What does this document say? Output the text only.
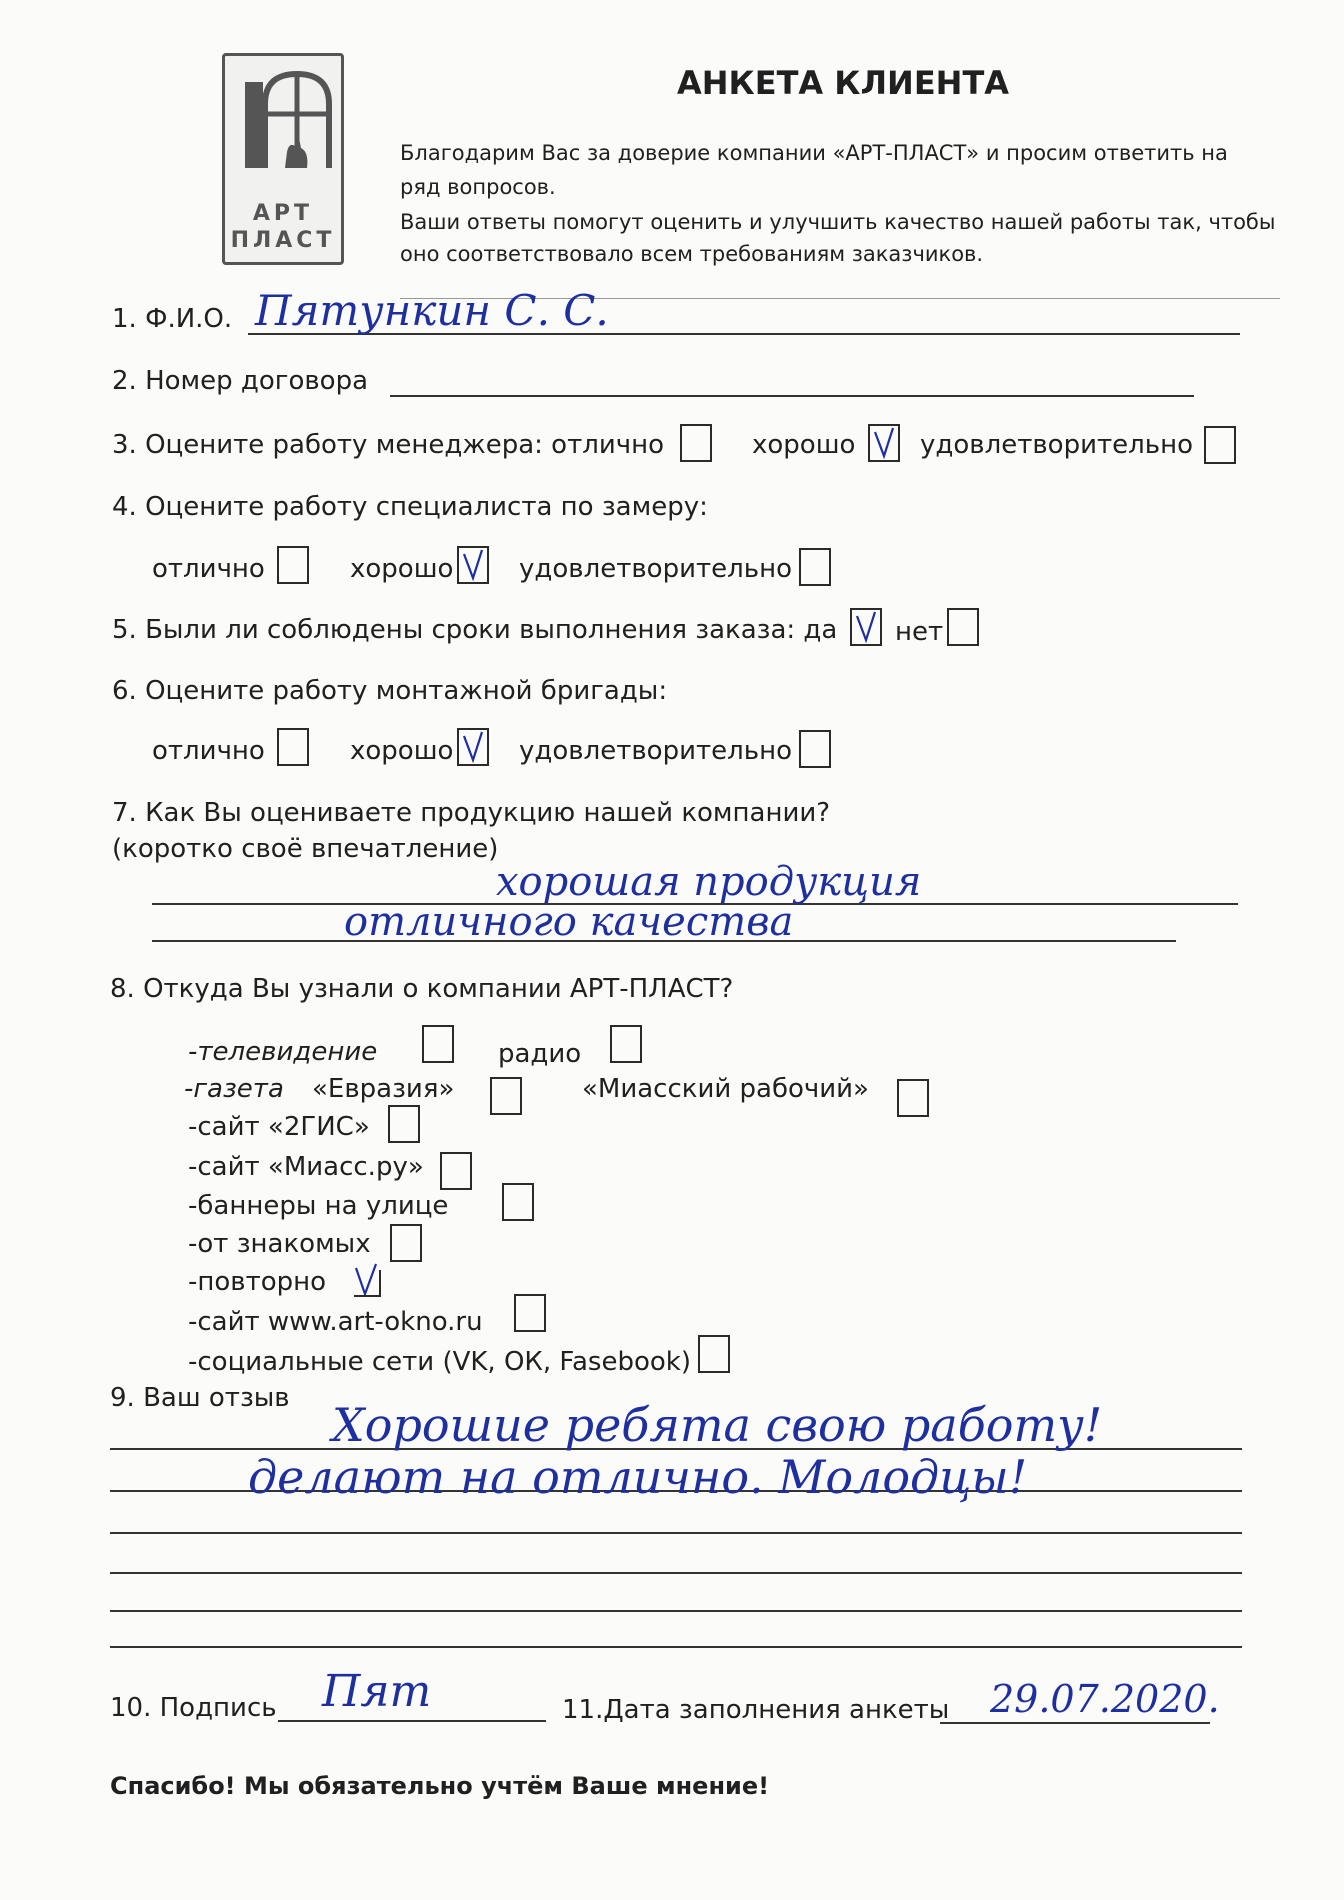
АРТ
ПЛАСТ
АНКЕТА КЛИЕНТА
Благодарим Вас за доверие компании «АРТ-ПЛАСТ» и просим ответить на
ряд вопросов.
Ваши ответы помогут оценить и улучшить качество нашей работы так, чтобы
оно соответствовало всем требованиям заказчиков.
1. Ф.И.О. Пятункин С. С.
2. Номер договора
3. Оцените работу менеджера: отлично	хорошо удовлетворительно
4. Оцените работу специалиста по замеру:
отлично	хорошо	удовлетворительно
5. Были ли соблюдены сроки выполнения заказа: да нет
6. Оцените работу монтажной бригады:
отлично	хорошо	удовлетворительно
7. Как Вы оцениваете продукцию нашей компании?
(коротко своё впечатление)
хорошая продукция
отличного качества
8. Откуда Вы узнали о компании АРТ-ПЛАСТ?
-телевидение	радио
-газета «Евразия»	«Миасский рабочий»
-сайт «2ГИС»
-сайт «Миасс.ру»
-баннеры на улице
-от знакомых
-повторно
-сайт www.art-okno.ru
-социальные сети (VK, ОК, Fasebook)
9. Ваш отзыв Хорошие ребята свою работу!
делают на отлично. Молодцы!
10. Подпись Пят	11.Дата заполнения анкеты 29.07.2020.
Спасибо! Мы обязательно учтём Ваше мнение!
